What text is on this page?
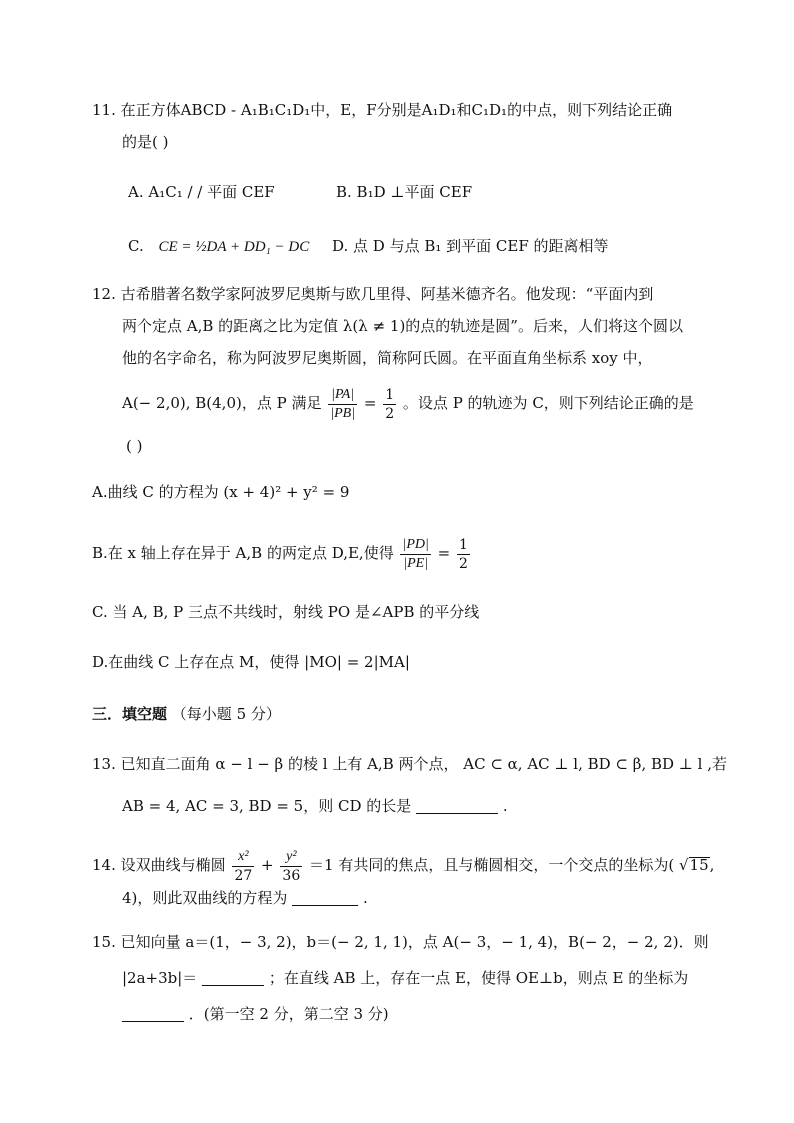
11. 在正方体ABCD - A₁B₁C₁D₁中，E，F分别是A₁D₁和C₁D₁的中点，则下列结论正确
的是( )
A. A₁C₁ / / 平面 CEF	B. B₁D ⊥平面 CEF
C. CE = ½DA + DD₁ − DC D. 点 D 与点 B₁ 到平面 CEF 的距离相等
12. 古希腊著名数学家阿波罗尼奥斯与欧几里得、阿基米德齐名。他发现：“平面内到
两个定点 A,B 的距离之比为定值 λ(λ ≠ 1)的点的轨迹是圆”。后来，人们将这个圆以
他的名字命名，称为阿波罗尼奥斯圆，简称阿氏圆。在平面直角坐标系 xoy 中，
A(− 2,0), B(4,0)，点 P 满足 $\frac{|PA|}{|PB|} = \frac{1}{2}$ 。设点 P 的轨迹为 C，则下列结论正确的是
( )
A.曲线 C 的方程为 (x + 4)² + y² = 9
B.在 x 轴上存在异于 A,B 的两定点 D,E,使得 $\frac{|PD|}{|PE|} = \frac{1}{2}$
C. 当 A, B, P 三点不共线时，射线 PO 是∠APB 的平分线
D.在曲线 C 上存在点 M，使得 |MO| = 2|MA|
三．填空题 （每小题 5 分）
13. 已知直二面角 α − l − β 的棱 l 上有 A,B 两个点， AC ⊂ α, AC ⊥ l, BD ⊂ β, BD ⊥ l ,若
AB = 4, AC = 3, BD = 5，则 CD 的长是	.
14. 设双曲线与椭圆 $\frac{\text{x²}}{27} + \frac{\text{y²}}{36} =1$ 有共同的焦点，且与椭圆相交，一个交点的坐标为( √15,
4)，则此双曲线的方程为	.
15. 已知向量 a＝(1，− 3, 2)，b＝(− 2, 1, 1)，点 A(− 3，− 1, 4)，B(− 2，− 2, 2)．则
|2a+3b|＝	；在直线 AB 上，存在一点 E，使得 OE⊥b，则点 E 的坐标为
．(第一空 2 分，第二空 3 分)
